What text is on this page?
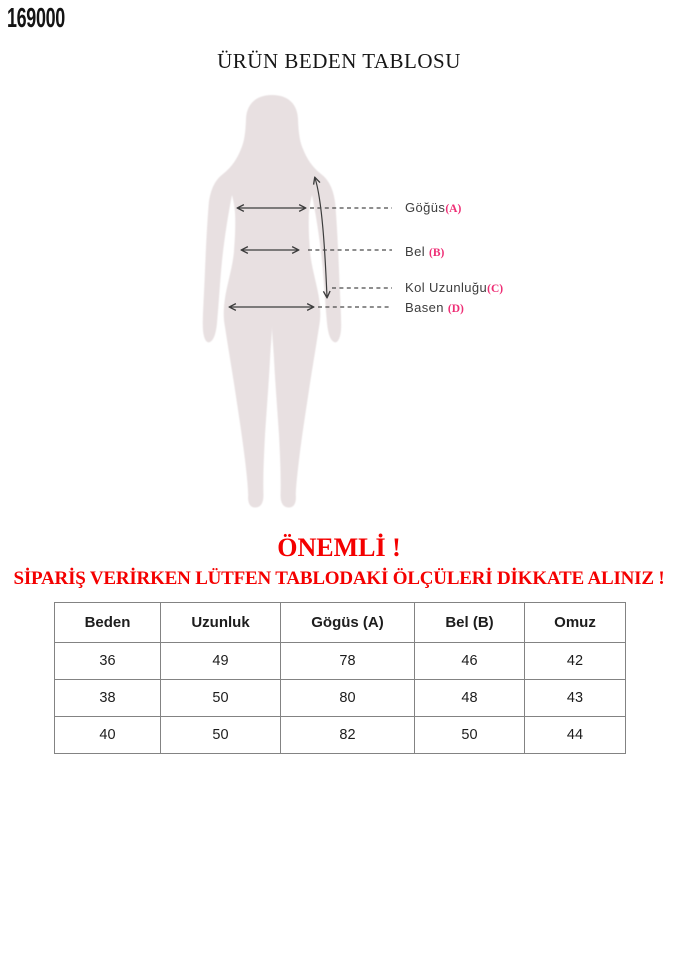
169000
ÜRÜN BEDEN TABLOSU
Göğüs(A)
Bel (B)
Kol Uzunluğu(C)
Basen (D)
ÖNEMLİ !
SİPARİŞ VERİRKEN LÜTFEN TABLODAKİ ÖLÇÜLERİ DİKKATE ALINIZ !
Beden	Uzunluk	Gögüs (A)	Bel (B)	Omuz
36	49	78	46	42
38	50	80	48	43
40	50	82	50	44
